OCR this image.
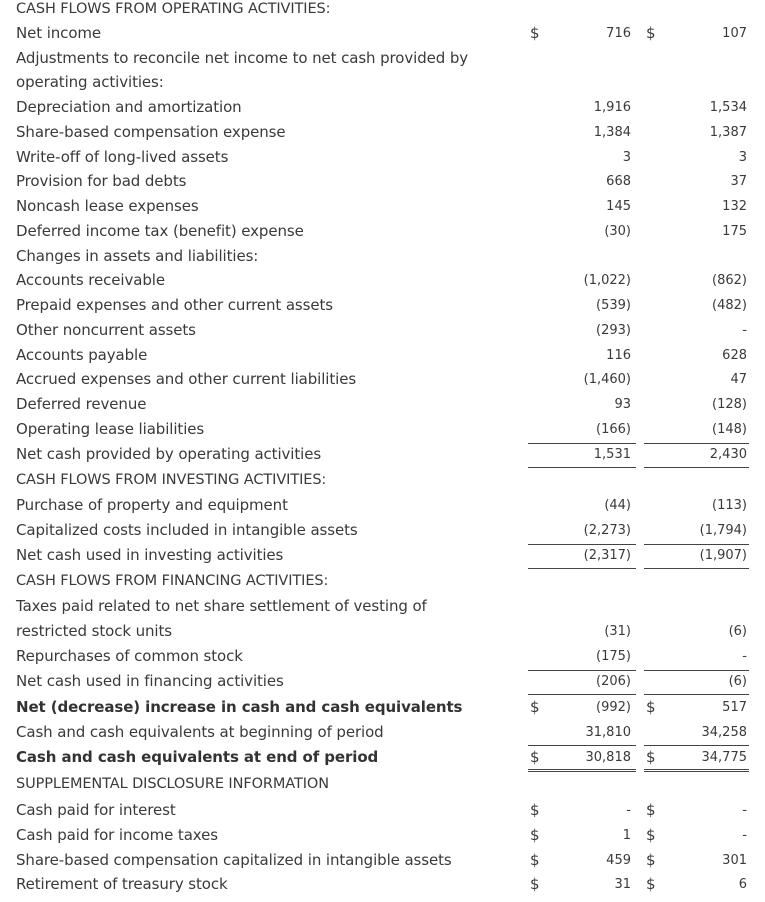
CASH FLOWS FROM OPERATING ACTIVITIES:
Net income	$	716 $	107
Adjustments to reconcile net income to net cash provided by
operating activities:
Depreciation and amortization	1,916	1,534
Share-based compensation expense	1,384	1,387
Write-off of long-lived assets	3	3
Provision for bad debts	668	37
Noncash lease expenses	145	132
Deferred income tax (benefit) expense	(30)	175
Changes in assets and liabilities:
Accounts receivable	(1,022)	(862)
Prepaid expenses and other current assets	(539)	(482)
Other noncurrent assets	(293)	-
Accounts payable	116	628
Accrued expenses and other current liabilities	(1,460)	47
Deferred revenue	93	(128)
Operating lease liabilities	(166)	(148)
Net cash provided by operating activities	1,531	2,430
CASH FLOWS FROM INVESTING ACTIVITIES:
Purchase of property and equipment	(44)	(113)
Capitalized costs included in intangible assets	(2,273)	(1,794)
Net cash used in investing activities	(2,317)	(1,907)
CASH FLOWS FROM FINANCING ACTIVITIES:
Taxes paid related to net share settlement of vesting of
restricted stock units	(31)	(6)
Repurchases of common stock	(175)	-
Net cash used in financing activities	(206)	(6)
Net (decrease) increase in cash and cash equivalents	$	(992) $	517
Cash and cash equivalents at beginning of period	31,810	34,258
Cash and cash equivalents at end of period	$	30,818 $	34,775
SUPPLEMENTAL DISCLOSURE INFORMATION
Cash paid for interest	$	- $	-
Cash paid for income taxes	$	1 $	-
Share-based compensation capitalized in intangible assets	$	459 $	301
Retirement of treasury stock	$	31 $	6
